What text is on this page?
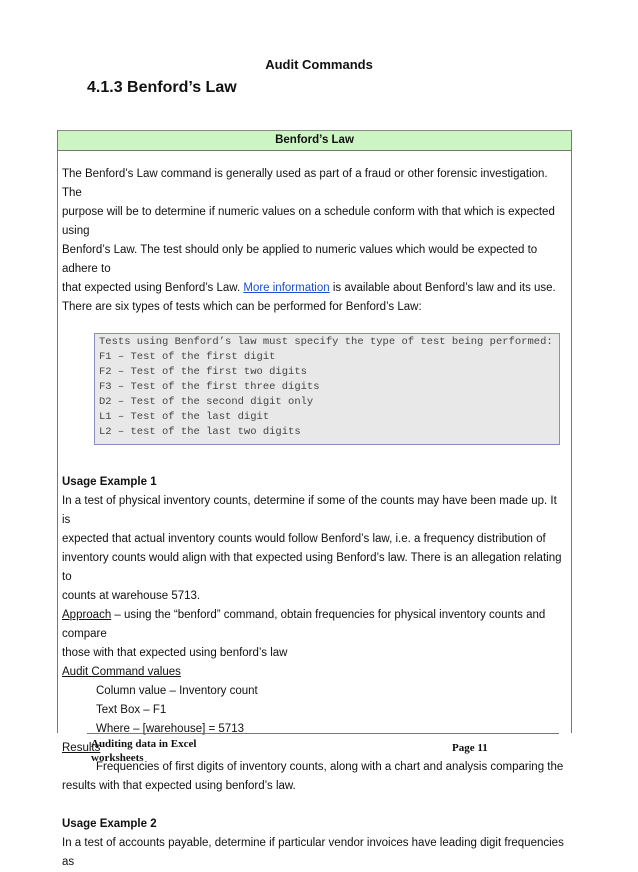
Audit Commands
4.1.3 Benford’s Law
Benford’s Law
The Benford’s Law command is generally used as part of a fraud or other forensic investigation. The
purpose will be to determine if numeric values on a schedule conform with that which is expected using
Benford’s Law. The test should only be applied to numeric values which would be expected to adhere to
that expected using Benford’s Law. More information is available about Benford’s law and its use.
There are six types of tests which can be performed for Benford’s Law:
Tests using Benford’s law must specify the type of test being performed:
F1 – Test of the first digit
F2 – Test of the first two digits
F3 – Test of the first three digits
D2 – Test of the second digit only
L1 – Test of the last digit
L2 – test of the last two digits
Usage Example 1
In a test of physical inventory counts, determine if some of the counts may have been made up. It is
expected that actual inventory counts would follow Benford’s law, i.e. a frequency distribution of
inventory counts would align with that expected using Benford’s law. There is an allegation relating to
counts at warehouse 5713.
Approach – using the “benford” command, obtain frequencies for physical inventory counts and compare
those with that expected using benford’s law
Audit Command values
Column value – Inventory count
Text Box – F1
Where – [warehouse] = 5713
Results
Frequencies of first digits of inventory counts, along with a chart and analysis comparing the
results with that expected using benford’s law.
Usage Example 2
In a test of accounts payable, determine if particular vendor invoices have leading digit frequencies as
Auditing data in Excel
worksheets
Page 11
